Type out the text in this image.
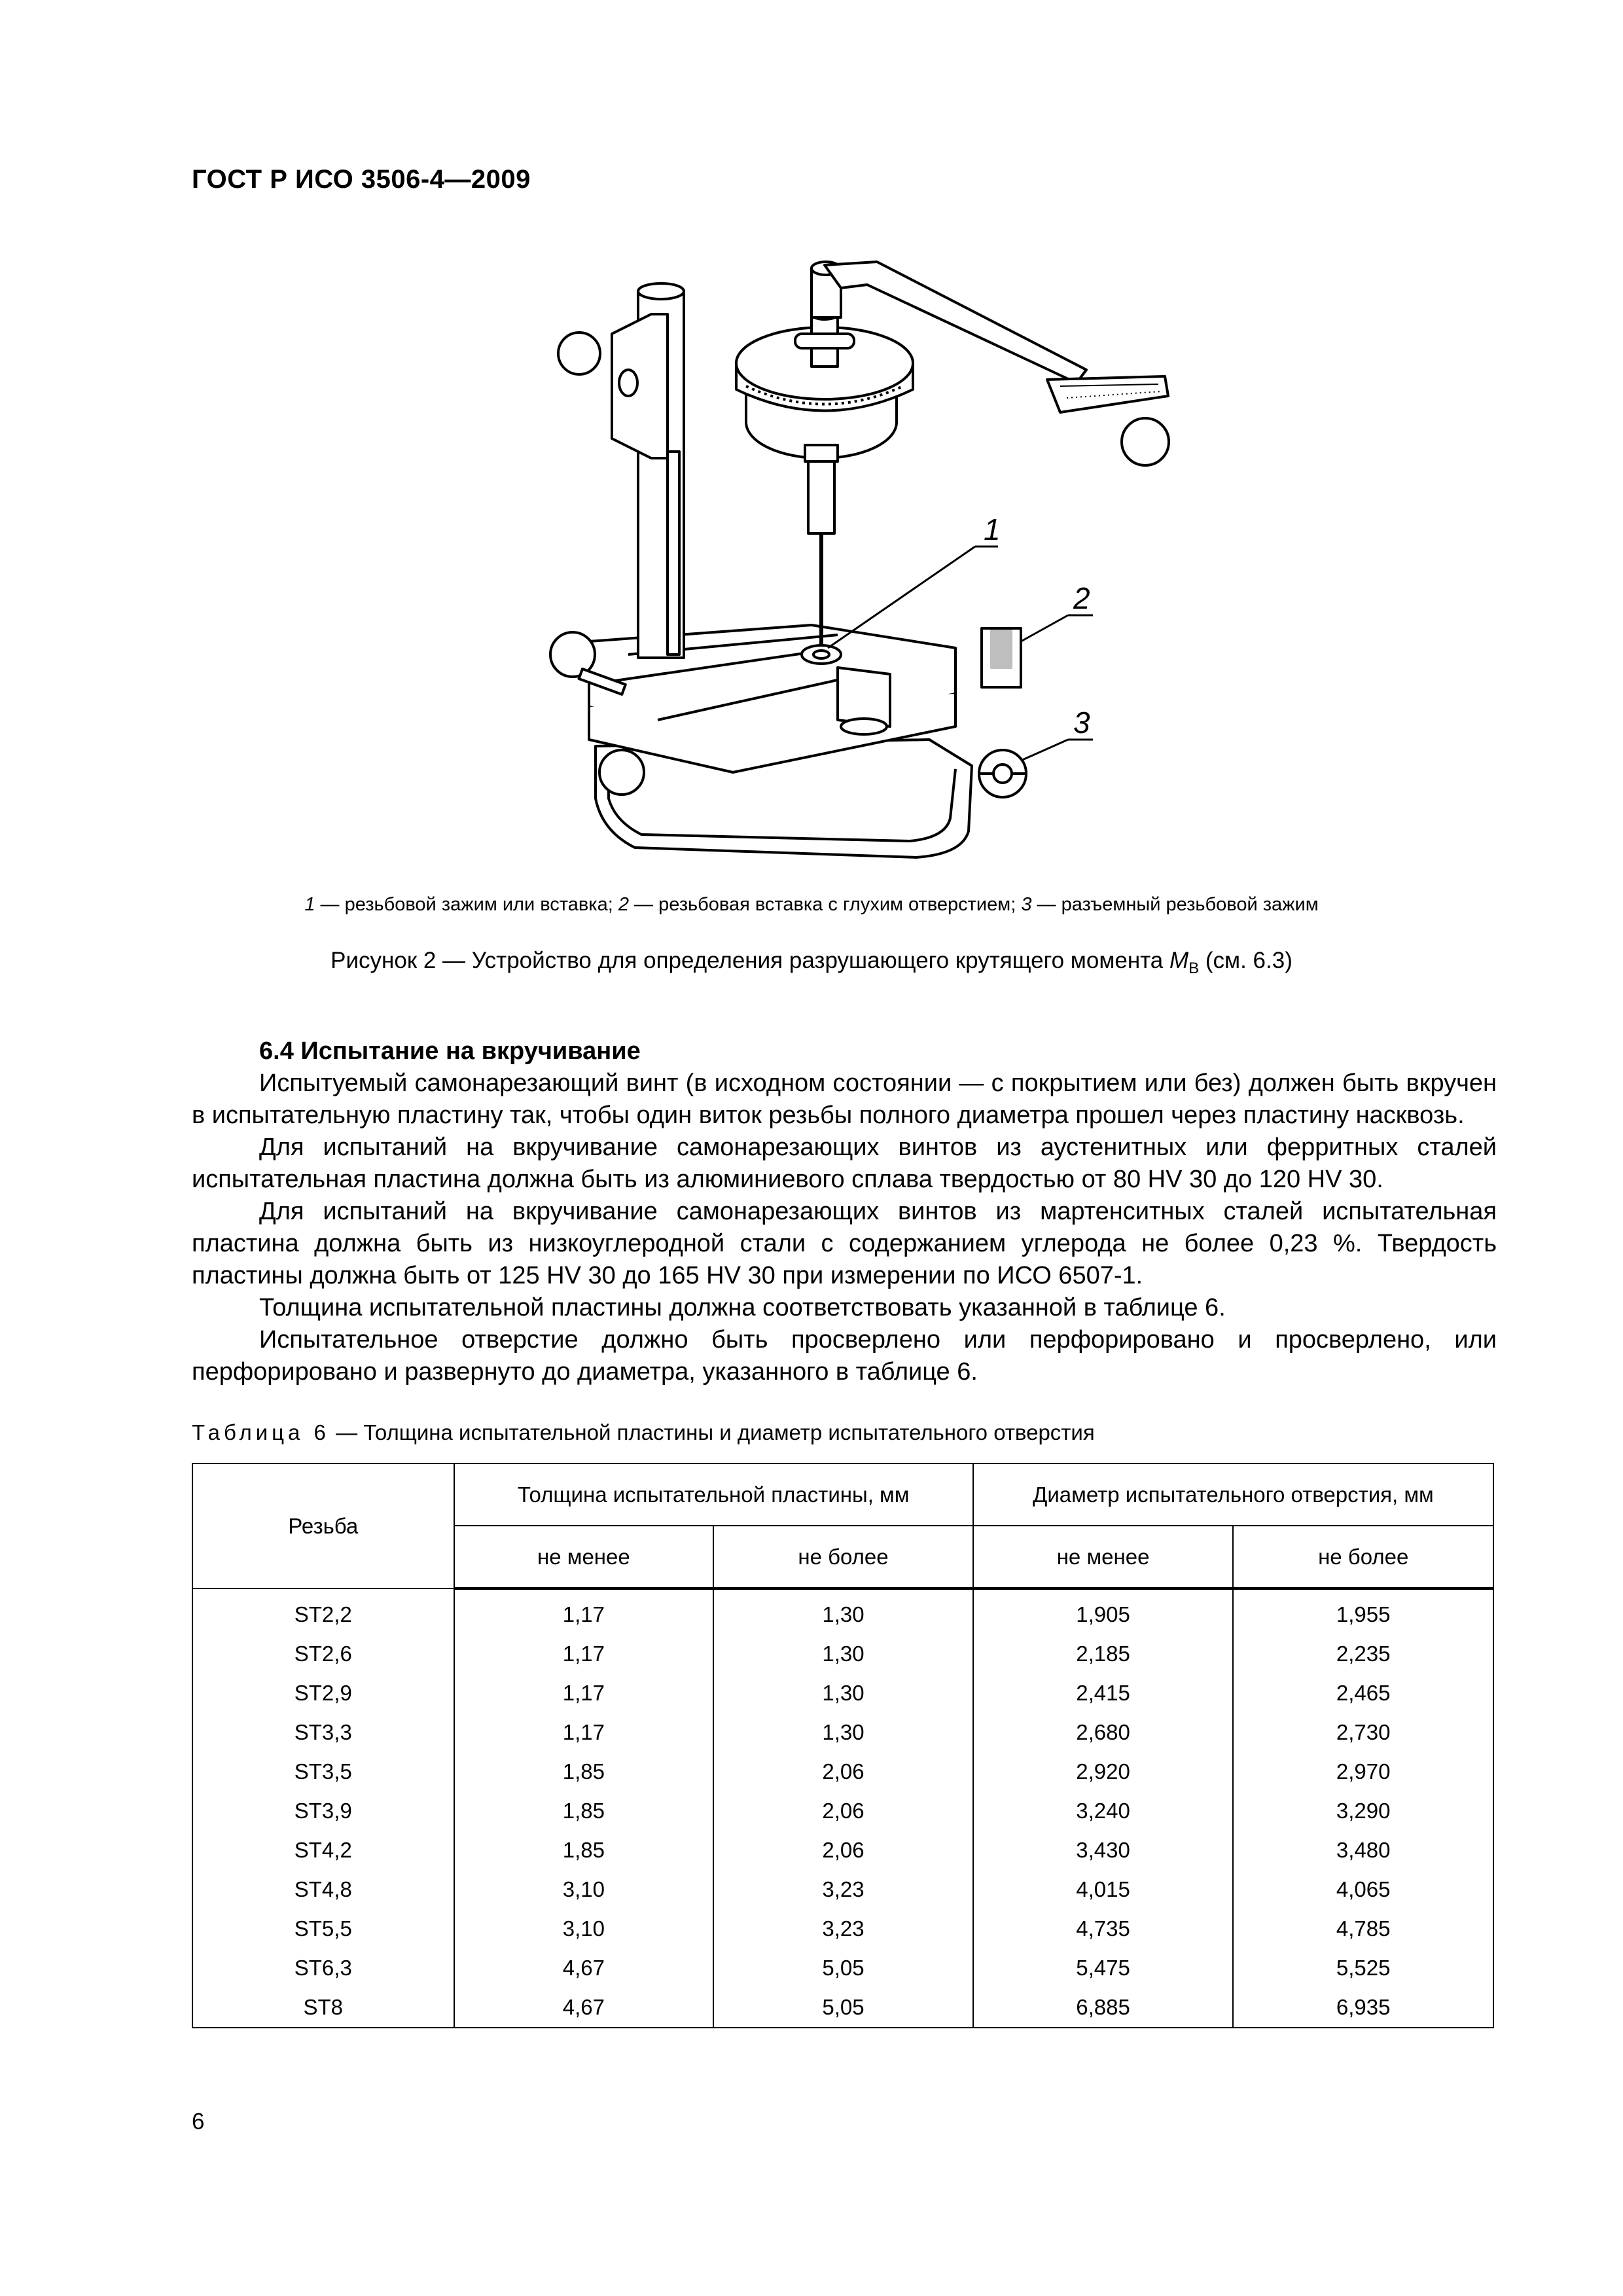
ГОСТ Р ИСО 3506-4—2009
1
2
3
1 — резьбовой зажим или вставка; 2 — резьбовая вставка с глухим отверстием; 3 — разъемный резьбовой зажим
Рисунок 2 — Устройство для определения разрушающего крутящего момента $M_B$ (см. 6.3)
6.4 Испытание на вкручивание

Испытуемый самонарезающий винт (в исходном состоянии — с покрытием или без) должен быть вкручен в испытательную пластину так, чтобы один виток резьбы полного диаметра прошел через пластину насквозь.

Для испытаний на вкручивание самонарезающих винтов из аустенитных или ферритных сталей испытательная пластина должна быть из алюминиевого сплава твердостью от 80 HV 30 до 120 HV 30.

Для испытаний на вкручивание самонарезающих винтов из мартенситных сталей испытательная пластина должна быть из низкоуглеродной стали с содержанием углерода не более 0,23 %. Твердость пластины должна быть от 125 HV 30 до 165 HV 30 при измерении по ИСО 6507-1.

Толщина испытательной пластины должна соответствовать указанной в таблице 6.

Испытательное отверстие должно быть просверлено или перфорировано и просверлено, или перфорировано и развернуто до диаметра, указанного в таблице 6.

Таблица 6 — Толщина испытательной пластины и диаметр испытательного отверстия
Резьба	Толщина испытательной пластины, мм		Диаметр испытательного отверстия, мм	
	не менее	не более	не менее	не более
ST2,2	1,17	1,30	1,905	1,955
ST2,6	1,17	1,30	2,185	2,235
ST2,9	1,17	1,30	2,415	2,465
ST3,3	1,17	1,30	2,680	2,730
ST3,5	1,85	2,06	2,920	2,970
ST3,9	1,85	2,06	3,240	3,290
ST4,2	1,85	2,06	3,430	3,480
ST4,8	3,10	3,23	4,015	4,065
ST5,5	3,10	3,23	4,735	4,785
ST6,3	4,67	5,05	5,475	5,525
ST8	4,67	5,05	6,885	6,935
6
